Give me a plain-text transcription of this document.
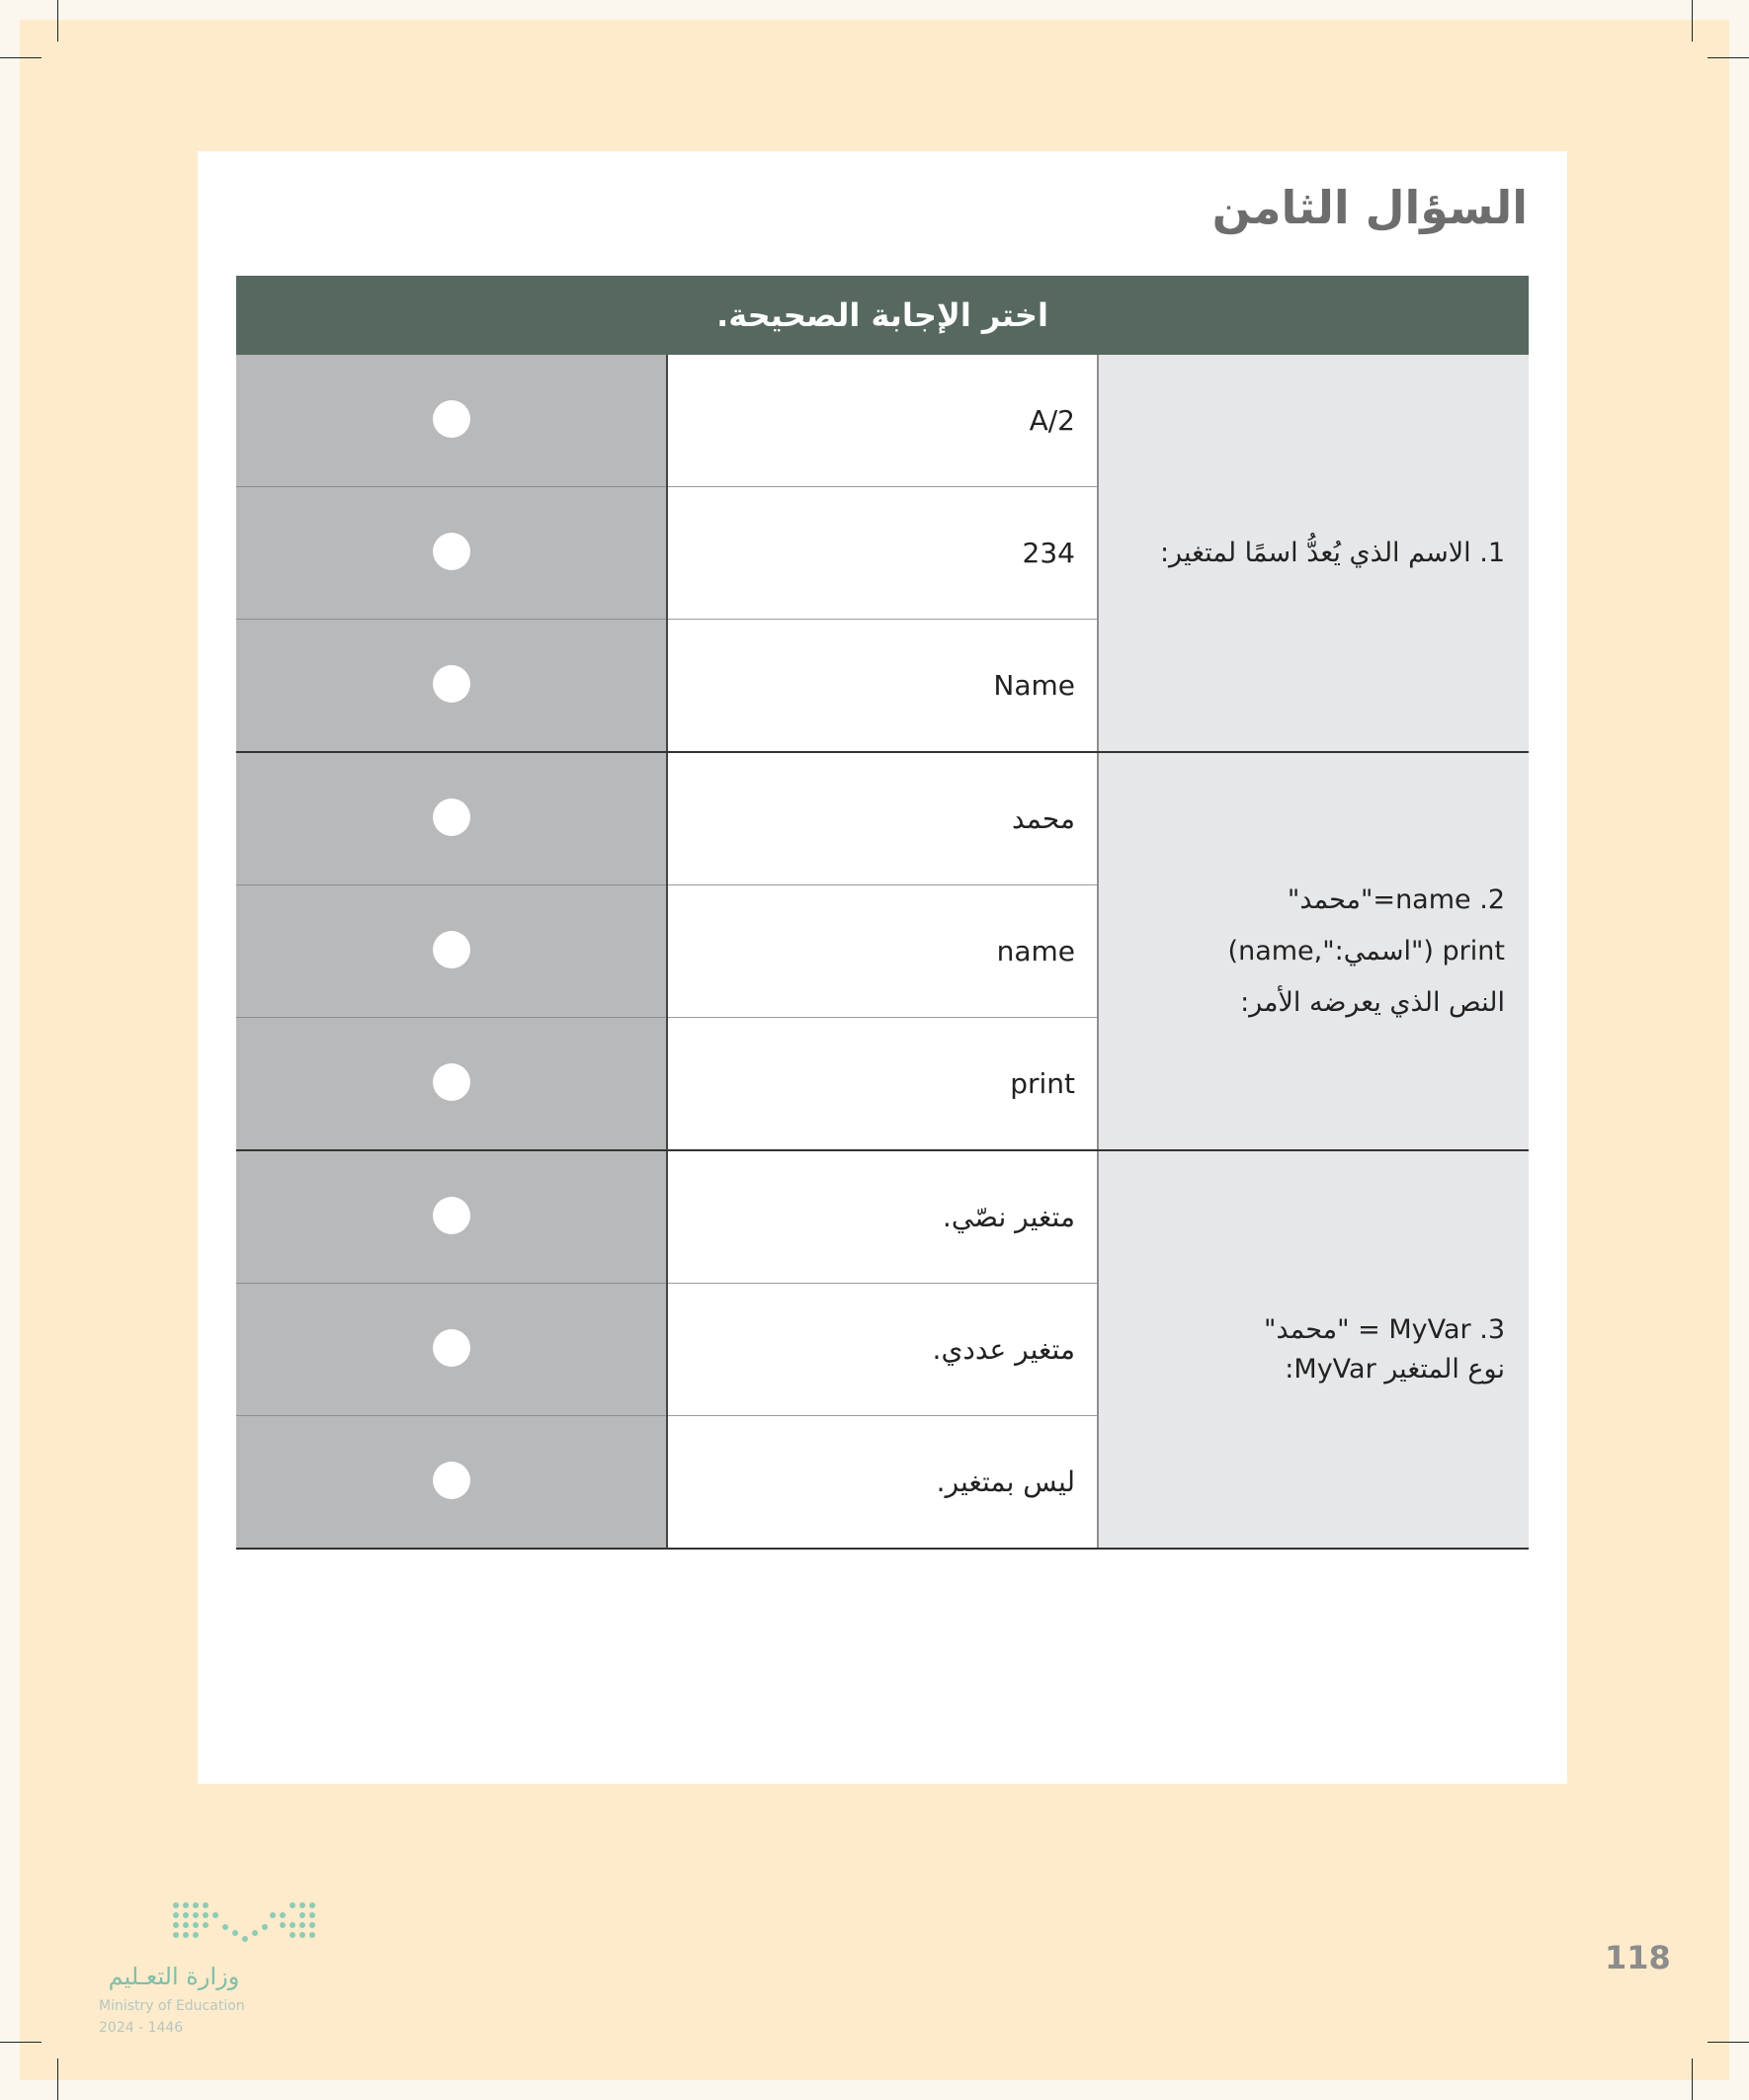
السؤال الثامن
اختر الإجابة الصحيحة.		
	A/2	1. الاسم الذي يُعدُّ اسمًا لمتغير:

	234	
	Name	
	محمد	2. name="محمد"
print ("اسمي:",name)
النص الذي يعرضه الأمر:

	name	
	print	
	متغير نصّي.	3. MyVar = "محمد"
نوع المتغير MyVar:

	متغير عددي.	
	ليس بمتغير.	
118
وزارة التعـليم
Ministry of Education
2024 - 1446
